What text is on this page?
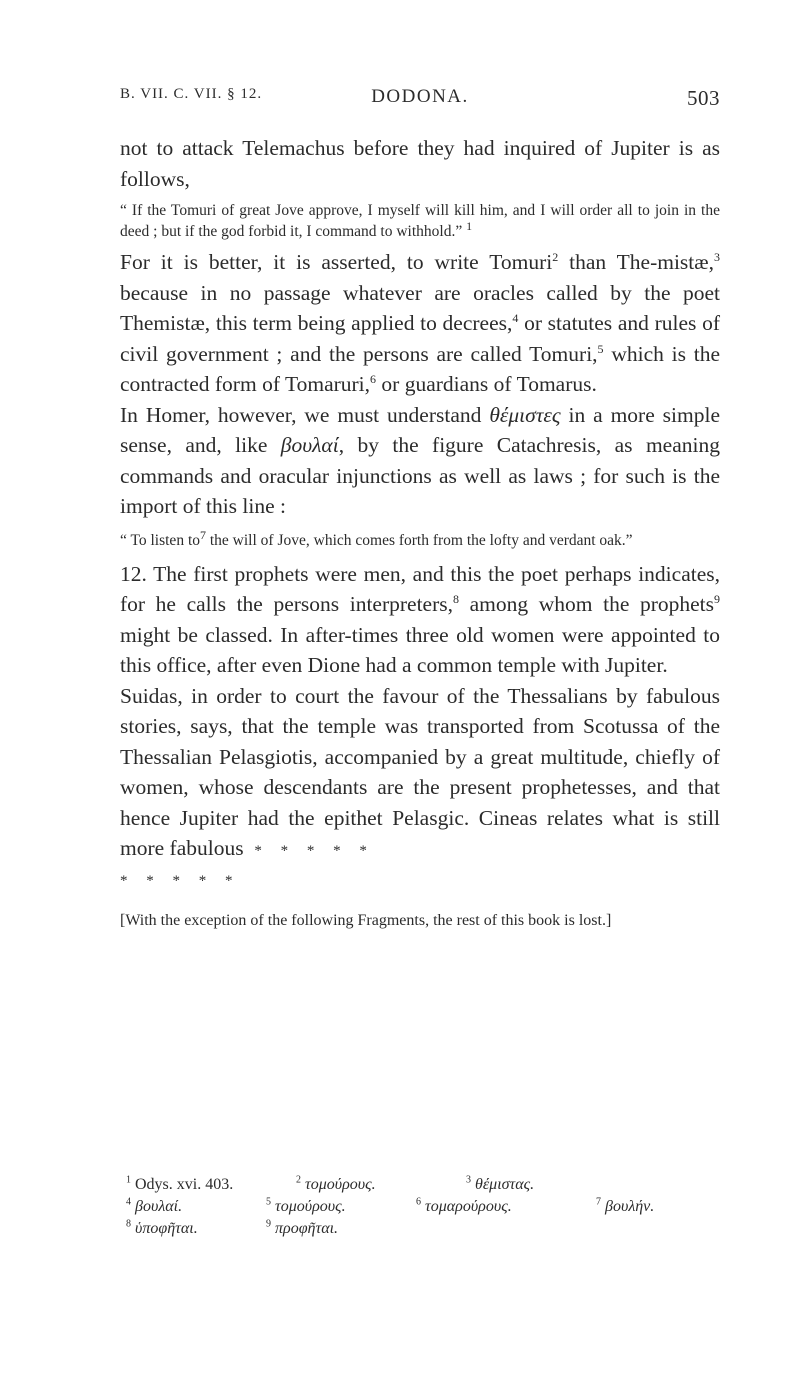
B. VII. C. VII. § 12.	DODONA.	503

not to attack Telemachus before they had inquired of Jupiter is as follows,

“ If the Tomuri of great Jove approve, I myself will kill him, and I will order all to join in the deed ; but if the god forbid it, I command to withhold.” $^1$

For it is better, it is asserted, to write Tomuri$^2$ than The-mistæ,$^3$ because in no passage whatever are oracles called by the poet Themistæ, this term being applied to decrees,$^4$ or statutes and rules of civil government ; and the persons are called Tomuri,$^5$ which is the contracted form of Tomaruri,$^6$ or guardians of Tomarus.

In Homer, however, we must understand θέμιστες in a more simple sense, and, like βουλαί, by the figure Catachresis, as meaning commands and oracular injunctions as well as laws ; for such is the import of this line :

“ To listen $to^7$ the will of Jove, which comes forth from the lofty and verdant oak.”

12. The first prophets were men, and this the poet perhaps indicates, for he calls the persons interpreters,$^8$ among whom the prophets$^9$ might be classed. In after-times three old women were appointed to this office, after even Dione had a common temple with Jupiter.

Suidas, in order to court the favour of the Thessalians by fabulous stories, says, that the temple was transported from Scotussa of the Thessalian Pelasgiotis, accompanied by a great multitude, chiefly of women, whose descendants are the present prophetesses, and that hence Jupiter had the epithet Pelasgic. Cineas relates what is still more fabulous *     *     *     *     *

*     *     *     *     *

[With the exception of the following Fragments, the rest of this book is lost.]

$^1$ Odys. xvi. 403.	$^2$ τομούρους.	$^3$ θέμιστας.
$^4$ βουλαί.	$^5$ τομούρους.	$^6$ τομαρούρους.	$^7$ βουλήν.
$^8$ ὑποφῆται.	$^9$ προφῆται.
